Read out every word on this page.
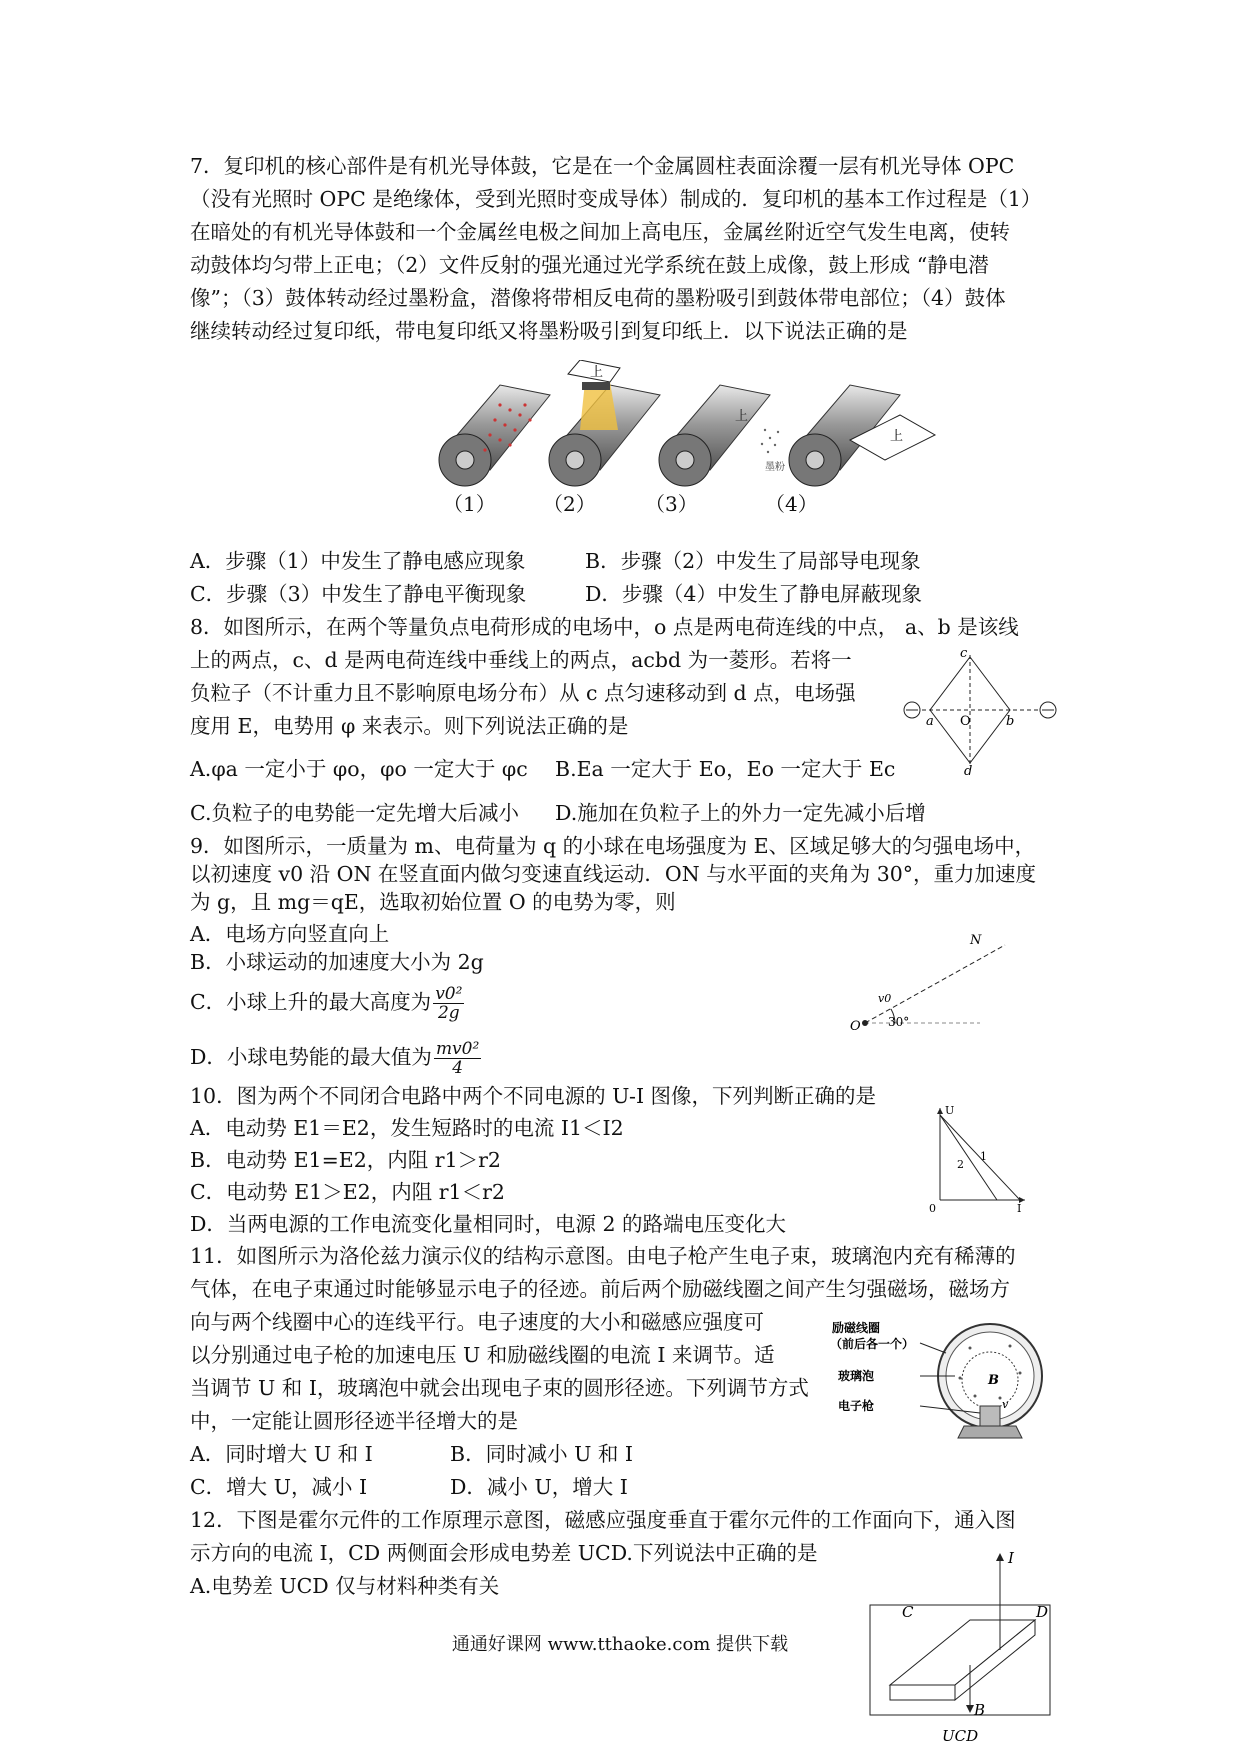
7．复印机的核心部件是有机光导体鼓，它是在一个金属圆柱表面涂覆一层有机光导体 OPC
（没有光照时 OPC 是绝缘体，受到光照时变成导体）制成的．复印机的基本工作过程是（1）
在暗处的有机光导体鼓和一个金属丝电极之间加上高电压，金属丝附近空气发生电离，使转
动鼓体均匀带上正电；（2）文件反射的强光通过光学系统在鼓上成像，鼓上形成 “静电潜
像”；（3）鼓体转动经过墨粉盒，潜像将带相反电荷的墨粉吸引到鼓体带电部位；（4）鼓体
继续转动经过复印纸，带电复印纸又将墨粉吸引到复印纸上．以下说法正确的是
上
上
墨粉
上
（1） （2） （3）	（4）
A．步骤（1）中发生了静电感应现象	B．步骤（2）中发生了局部导电现象
C．步骤（3）中发生了静电平衡现象	D．步骤（4）中发生了静电屏蔽现象
8．如图所示，在两个等量负点电荷形成的电场中，o 点是两电荷连线的中点， a、b 是该线
上的两点，c、d 是两电荷连线中垂线上的两点，acbd 为一菱形。若将一
负粒子（不计重力且不影响原电场分布）从 c 点匀速移动到 d 点，电场强
度用 E，电势用 φ 来表示。则下列说法正确的是
c
a O	b
d
A.φa 一定小于 φo，φo 一定大于 φc B.Ea 一定大于 Eo，Eo 一定大于 Ec
C.负粒子的电势能一定先增大后减小 D.施加在负粒子上的外力一定先减小后增
9．如图所示，一质量为 m、电荷量为 q 的小球在电场强度为 E、区域足够大的匀强电场中，
以初速度 v0 沿 ON 在竖直面内做匀变速直线运动．ON 与水平面的夹角为 30°，重力加速度
为 g，且 mg＝qE，选取初始位置 O 的电势为零，则
A．电场方向竖直向上
B．小球运动的加速度大小为 2g
C．小球上升的最大高度为 $\frac{\text{v0²}}{2g}$
D．小球电势能的最大值为 $\frac{\text{mv0²}}{4}$
N
O
v0
30°
10．图为两个不同闭合电路中两个不同电源的 U-I 图像，下列判断正确的是
A．电动势 E1＝E2，发生短路时的电流 I1＜I2
B．电动势 E1=E2，内阻 r1＞r2
C．电动势 E1＞E2，内阻 r1＜r2
D．当两电源的工作电流变化量相同时，电源 2 的路端电压变化大
U
I
0
1
2
11．如图所示为洛伦兹力演示仪的结构示意图。由电子枪产生电子束，玻璃泡内充有稀薄的
气体，在电子束通过时能够显示电子的径迹。前后两个励磁线圈之间产生匀强磁场，磁场方
向与两个线圈中心的连线平行。电子速度的大小和磁感应强度可
以分别通过电子枪的加速电压 U 和励磁线圈的电流 I 来调节。适
当调节 U 和 I，玻璃泡中就会出现电子束的圆形径迹。下列调节方式
中，一定能让圆形径迹半径增大的是
A．同时增大 U 和 I	B．同时减小 U 和 I
C．增大 U，减小 I	D．减小 U，增大 I
励磁线圈
（前后各一个）
玻璃泡
电子枪
B
v
12．下图是霍尔元件的工作原理示意图，磁感应强度垂直于霍尔元件的工作面向下，通入图
示方向的电流 I，CD 两侧面会形成电势差 UCD.下列说法中正确的是
A.电势差 UCD 仅与材料种类有关
I
C	D
B
UCD
通通好课网 www.tthaoke.com 提供下载
